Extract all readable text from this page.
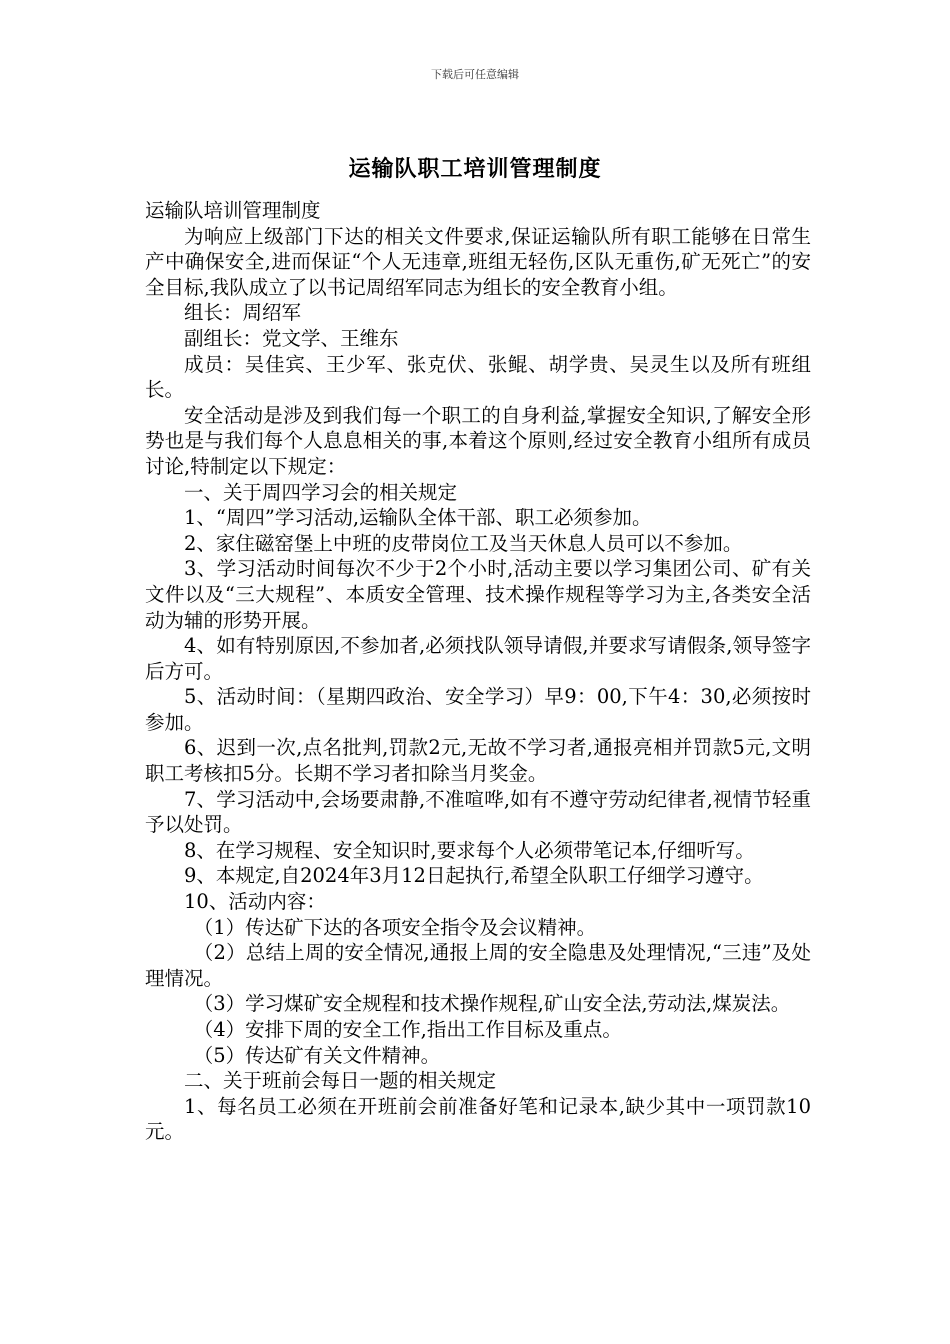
下载后可任意编辑
运输队职工培训管理制度

运输队培训管理制度

为响应上级部门下达的相关文件要求,保证运输队所有职工能够在日常生产中确保安全,进而保证“个人无违章,班组无轻伤,区队无重伤,矿无死亡”的安全目标,我队成立了以书记周绍军同志为组长的安全教育小组。

组长：周绍军

副组长：党文学、王维东

成员：吴佳宾、王少军、张克伏、张鲲、胡学贵、吴灵生以及所有班组长。

安全活动是涉及到我们每一个职工的自身利益,掌握安全知识,了解安全形势也是与我们每个人息息相关的事,本着这个原则,经过安全教育小组所有成员讨论,特制定以下规定：

一、关于周四学习会的相关规定

1、“周四”学习活动,运输队全体干部、职工必须参加。

2、家住磁窑堡上中班的皮带岗位工及当天休息人员可以不参加。

3、学习活动时间每次不少于2个小时,活动主要以学习集团公司、矿有关文件以及“三大规程”、本质安全管理、技术操作规程等学习为主,各类安全活动为辅的形势开展。

4、如有特别原因,不参加者,必须找队领导请假,并要求写请假条,领导签字后方可。

5、活动时间：（星期四政治、安全学习）早9：00,下午4：30,必须按时参加。

6、迟到一次,点名批判,罚款2元,无故不学习者,通报亮相并罚款5元,文明职工考核扣5分。长期不学习者扣除当月奖金。

7、学习活动中,会场要肃静,不准喧哗,如有不遵守劳动纪律者,视情节轻重予以处罚。

8、在学习规程、安全知识时,要求每个人必须带笔记本,仔细听写。

9、本规定,自2024年3月12日起执行,希望全队职工仔细学习遵守。

10、活动内容：

（1）传达矿下达的各项安全指令及会议精神。

（2）总结上周的安全情况,通报上周的安全隐患及处理情况,“三违”及处理情况。

（3）学习煤矿安全规程和技术操作规程,矿山安全法,劳动法,煤炭法。

（4）安排下周的安全工作,指出工作目标及重点。

（5）传达矿有关文件精神。

二、关于班前会每日一题的相关规定

1、每名员工必须在开班前会前准备好笔和记录本,缺少其中一项罚款10元。
